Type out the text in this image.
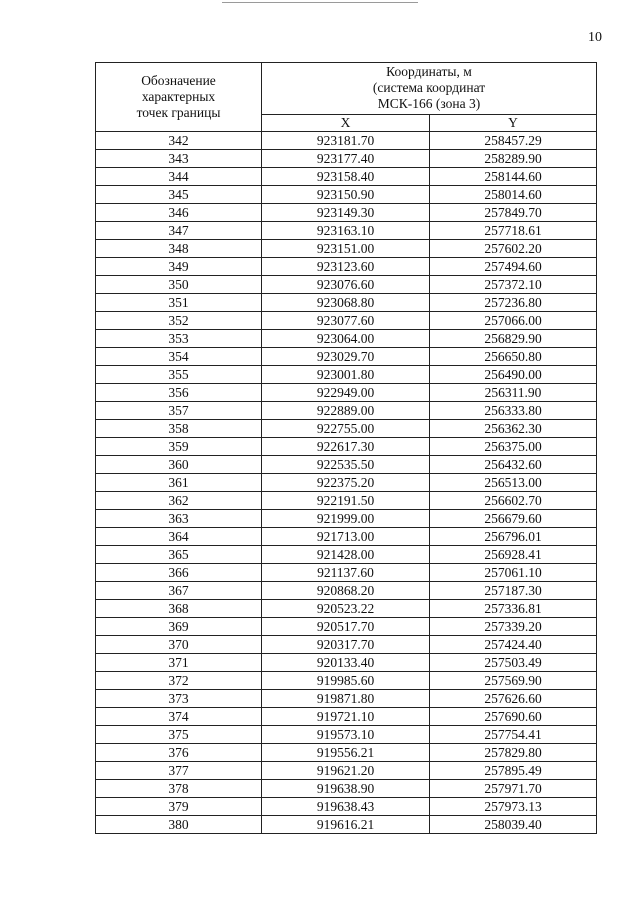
10
Обозначение
характерных
точек границы	Координаты, м
(система координат
МСК-166 (зона 3)	

	X	Y
342	923181.70	258457.29
343	923177.40	258289.90
344	923158.40	258144.60
345	923150.90	258014.60
346	923149.30	257849.70
347	923163.10	257718.61
348	923151.00	257602.20
349	923123.60	257494.60
350	923076.60	257372.10
351	923068.80	257236.80
352	923077.60	257066.00
353	923064.00	256829.90
354	923029.70	256650.80
355	923001.80	256490.00
356	922949.00	256311.90
357	922889.00	256333.80
358	922755.00	256362.30
359	922617.30	256375.00
360	922535.50	256432.60
361	922375.20	256513.00
362	922191.50	256602.70
363	921999.00	256679.60
364	921713.00	256796.01
365	921428.00	256928.41
366	921137.60	257061.10
367	920868.20	257187.30
368	920523.22	257336.81
369	920517.70	257339.20
370	920317.70	257424.40
371	920133.40	257503.49
372	919985.60	257569.90
373	919871.80	257626.60
374	919721.10	257690.60
375	919573.10	257754.41
376	919556.21	257829.80
377	919621.20	257895.49
378	919638.90	257971.70
379	919638.43	257973.13
380	919616.21	258039.40
